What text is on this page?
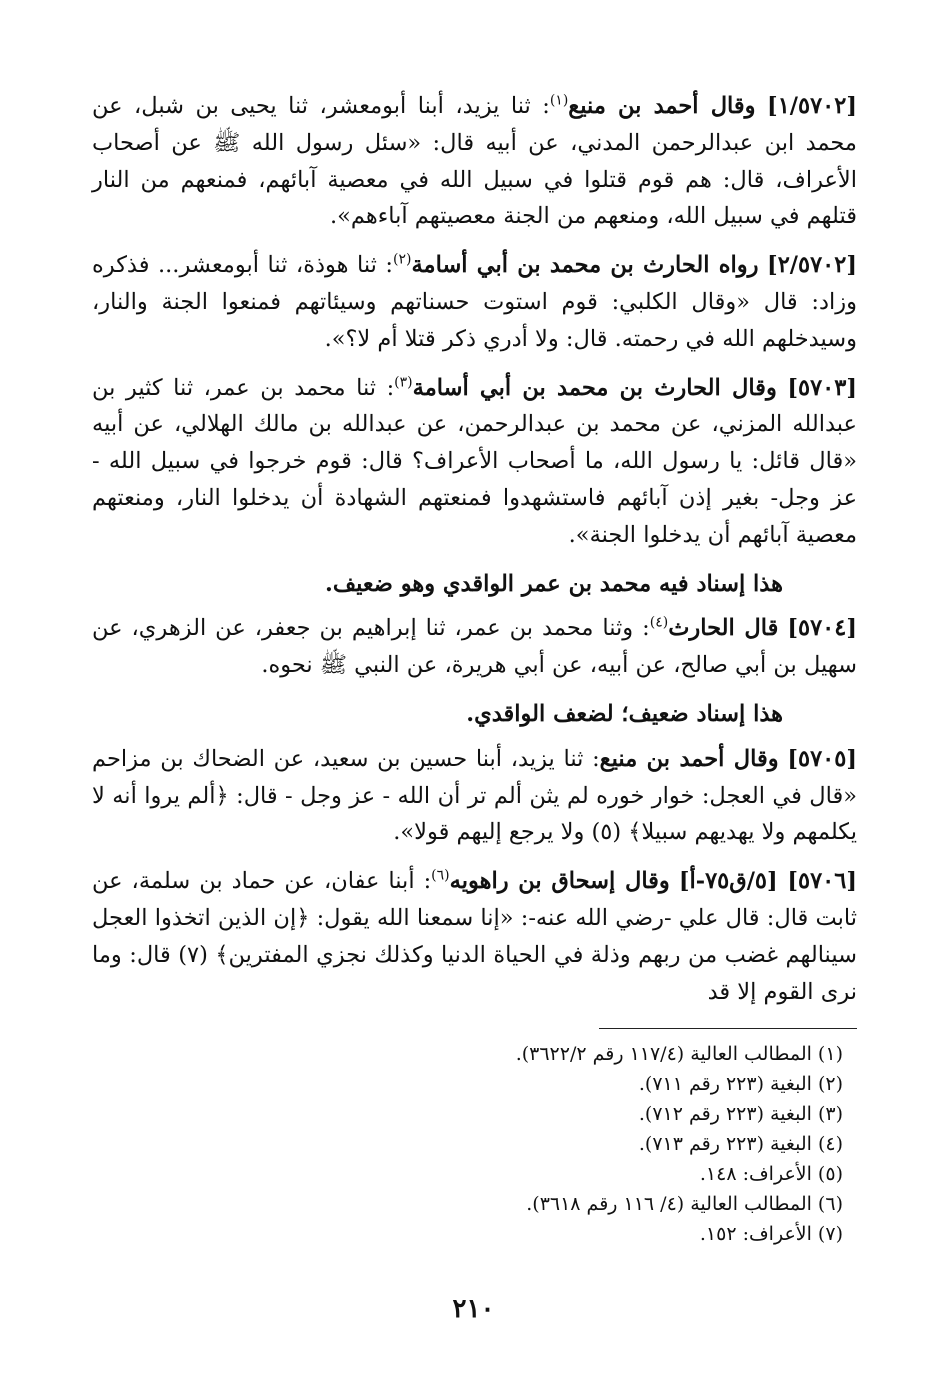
[١/٥٧٠٢] وقال أحمد بن منيع$^{(١)}$: ثنا يزيد، أبنا أبومعشر، ثنا يحيى بن شبل، عن محمد ابن عبدالرحمن المدني، عن أبيه قال: «سئل رسول الله ﷺ عن أصحاب الأعراف، قال: هم قوم قتلوا في سبيل الله في معصية آبائهم، فمنعهم من النار قتلهم في سبيل الله، ومنعهم من الجنة معصيتهم آباءهم».

[٢/٥٧٠٢] رواه الحارث بن محمد بن أبي أسامة$^{(٢)}$: ثنا هوذة، ثنا أبومعشر... فذكره وزاد: قال «وقال الكلبي: قوم استوت حسناتهم وسيئاتهم فمنعوا الجنة والنار، وسيدخلهم الله في رحمته. قال: ولا أدري ذكر قتلا أم لا؟».

[٥٧٠٣] وقال الحارث بن محمد بن أبي أسامة$^{(٣)}$: ثنا محمد بن عمر، ثنا كثير بن عبدالله المزني، عن محمد بن عبدالرحمن، عن عبدالله بن مالك الهلالي، عن أبيه «قال قائل: يا رسول الله، ما أصحاب الأعراف؟ قال: قوم خرجوا في سبيل الله - عز وجل- بغير إذن آبائهم فاستشهدوا فمنعتهم الشهادة أن يدخلوا النار، ومنعتهم معصية آبائهم أن يدخلوا الجنة».

هذا إسناد فيه محمد بن عمر الواقدي وهو ضعيف.

[٥٧٠٤] قال الحارث$^{(٤)}$: وثنا محمد بن عمر، ثنا إبراهيم بن جعفر، عن الزهري، عن سهيل بن أبي صالح، عن أبيه، عن أبي هريرة، عن النبي ﷺ نحوه.

هذا إسناد ضعيف؛ لضعف الواقدي.

[٥٧٠٥] وقال أحمد بن منيع: ثنا يزيد، أبنا حسين بن سعيد، عن الضحاك بن مزاحم «قال في العجل: خوار خوره لم يثن ألم تر أن الله - عز وجل - قال: ﴿ألم يروا أنه لا يكلمهم ولا يهديهم سبيلا﴾ (٥) ولا يرجع إليهم قولا».

[٥٧٠٦] [٥/ق٧٥-أ] وقال إسحاق بن راهويه$^{(٦)}$: أبنا عفان، عن حماد بن سلمة، عن ثابت قال: قال علي -رضي الله عنه-: «إنا سمعنا الله يقول: ﴿إن الذين اتخذوا العجل سينالهم غضب من ربهم وذلة في الحياة الدنيا وكذلك نجزي المفترين﴾ (٧) قال: وما نرى القوم إلا قد

(١) المطالب العالية (١١٧/٤ رقم ٣٦٢٢/٢).
(٢) البغية (٢٢٣ رقم ٧١١).
(٣) البغية (٢٢٣ رقم ٧١٢).
(٤) البغية (٢٢٣ رقم ٧١٣).
(٥) الأعراف: ١٤٨.
(٦) المطالب العالية (٤/ ١١٦ رقم ٣٦١٨).
(٧) الأعراف: ١٥٢.
٢١٠
